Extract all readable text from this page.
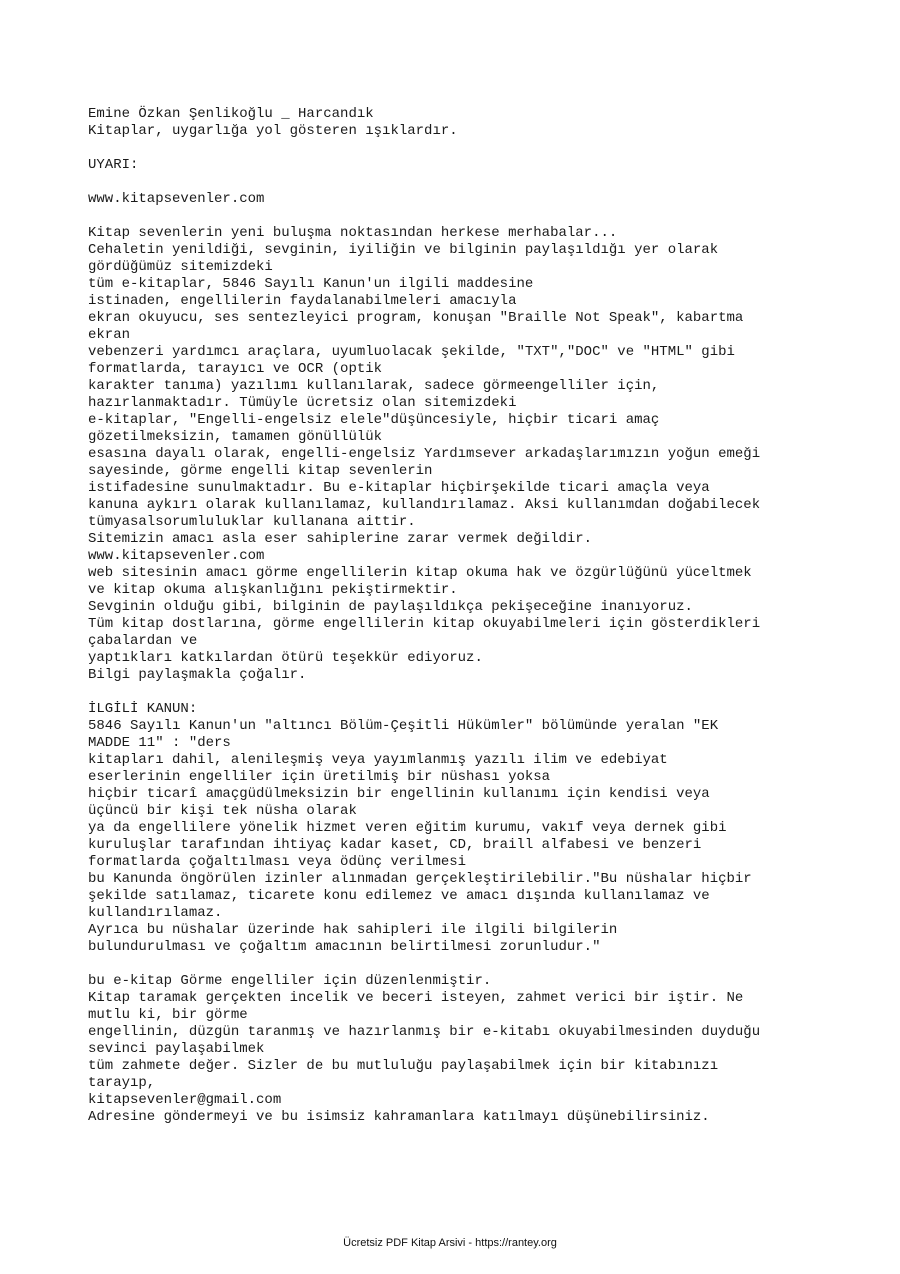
Emine Özkan Şenlikoğlu _ Harcandık
Kitaplar, uygarlığa yol gösteren ışıklardır.
UYARI:
www.kitapsevenler.com
Kitap sevenlerin yeni buluşma noktasından herkese merhabalar...
Cehaletin yenildiği, sevginin, iyiliğin ve bilginin paylaşıldığı yer olarak
gördüğümüz sitemizdeki
tüm e-kitaplar, 5846 Sayılı Kanun'un ilgili maddesine
istinaden, engellilerin faydalanabilmeleri amacıyla
ekran okuyucu, ses sentezleyici program, konuşan "Braille Not Speak", kabartma
ekran
vebenzeri yardımcı araçlara, uyumluolacak şekilde, "TXT","DOC" ve "HTML" gibi
formatlarda, tarayıcı ve OCR (optik
karakter tanıma) yazılımı kullanılarak, sadece görmeengelliler için,
hazırlanmaktadır. Tümüyle ücretsiz olan sitemizdeki
e-kitaplar, "Engelli-engelsiz elele"düşüncesiyle, hiçbir ticari amaç
gözetilmeksizin, tamamen gönüllülük
esasına dayalı olarak, engelli-engelsiz Yardımsever arkadaşlarımızın yoğun emeği
sayesinde, görme engelli kitap sevenlerin
istifadesine sunulmaktadır. Bu e-kitaplar hiçbirşekilde ticari amaçla veya
kanuna aykırı olarak kullanılamaz, kullandırılamaz. Aksi kullanımdan doğabilecek
tümyasalsorumluluklar kullanana aittir.
Sitemizin amacı asla eser sahiplerine zarar vermek değildir.
www.kitapsevenler.com
web sitesinin amacı görme engellilerin kitap okuma hak ve özgürlüğünü yüceltmek
ve kitap okuma alışkanlığını pekiştirmektir.
Sevginin olduğu gibi, bilginin de paylaşıldıkça pekişeceğine inanıyoruz.
Tüm kitap dostlarına, görme engellilerin kitap okuyabilmeleri için gösterdikleri
çabalardan ve
yaptıkları katkılardan ötürü teşekkür ediyoruz.
Bilgi paylaşmakla çoğalır.
İLGİLİ KANUN:
5846 Sayılı Kanun'un "altıncı Bölüm-Çeşitli Hükümler" bölümünde yeralan "EK
MADDE 11" : "ders
kitapları dahil, alenileşmiş veya yayımlanmış yazılı ilim ve edebiyat
eserlerinin engelliler için üretilmiş bir nüshası yoksa
hiçbir ticarî amaçgüdülmeksizin bir engellinin kullanımı için kendisi veya
üçüncü bir kişi tek nüsha olarak
ya da engellilere yönelik hizmet veren eğitim kurumu, vakıf veya dernek gibi
kuruluşlar tarafından ihtiyaç kadar kaset, CD, braill alfabesi ve benzeri
formatlarda çoğaltılması veya ödünç verilmesi
bu Kanunda öngörülen izinler alınmadan gerçekleştirilebilir."Bu nüshalar hiçbir
şekilde satılamaz, ticarete konu edilemez ve amacı dışında kullanılamaz ve
kullandırılamaz.
Ayrıca bu nüshalar üzerinde hak sahipleri ile ilgili bilgilerin
bulundurulması ve çoğaltım amacının belirtilmesi zorunludur."
bu e-kitap Görme engelliler için düzenlenmiştir.
Kitap taramak gerçekten incelik ve beceri isteyen, zahmet verici bir iştir. Ne
mutlu ki, bir görme
engellinin, düzgün taranmış ve hazırlanmış bir e-kitabı okuyabilmesinden duyduğu
sevinci paylaşabilmek
tüm zahmete değer. Sizler de bu mutluluğu paylaşabilmek için bir kitabınızı
tarayıp,
kitapsevenler@gmail.com
Adresine göndermeyi ve bu isimsiz kahramanlara katılmayı düşünebilirsiniz.
Ücretsiz PDF Kitap Arsivi - https://rantey.org
